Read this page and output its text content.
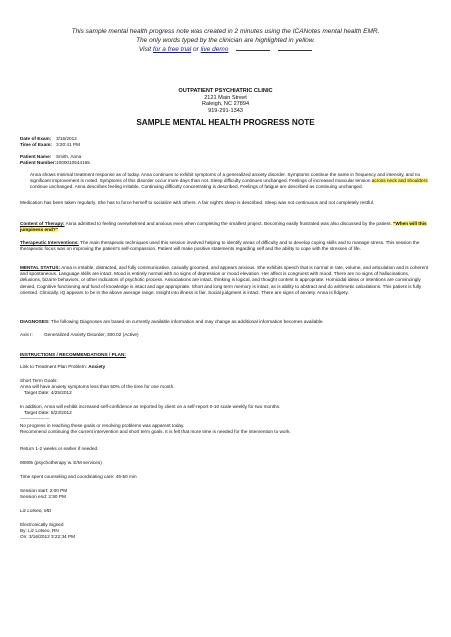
This sample mental health progress note was created in 2 minutes using the ICANotes mental health EMR.
The only words typed by the clinician are highlighted in yellow.
Visit for a free trial or live demo
OUTPATIENT PSYCHIATRIC CLINIC
2121 Main Street
Raleigh, NC 27894
919-291-1343
SAMPLE MENTAL HEALTH PROGRESS NOTE
Date of Exam: 3/16/2012
Time of Exam: 3:20:41 PM
Patient Name: Smith, Anna
Patient Number:1000010544165
Anna shows minimal treatment response as of today. Anna continues to exhibit symptoms of a generalized anxiety disorder. Symptoms continue the same in frequency and intensity, and no significant improvement is noted. Symptoms of this disorder occur more days than not. Sleep difficulty continues unchanged. Feelings of increased muscular tension across neck and shoulders continue unchanged. Anna describes feeling irritable. Continuing difficulty concentrating is described. Feelings of fatigue are described as continuing unchanged.
Medication has been taken regularly. She has to force herself to socialize with others. A fair night's sleep is described. Sleep was not continuous and not completely restful.
Content of Therapy: Anna admitted to feeling overwhelmed and anxious even when completing the smallest project. Becoming easily frustrated was also discussed by the patient. "When will this jumpiness end?"
Therapeutic Interventions: The main therapeutic techniques used this session involved helping to identify areas of difficulty and to develop coping skills and to manage stress. This session the therapeutic focus was on improving the patient's self-compassion. Patient will make positive statements regarding self and the ability to cope with the stresses of life.
MENTAL STATUS: Anna is irritable, distracted, and fully communicative, casually groomed, and appears anxious. She exhibits speech that is normal in rate, volume, and articulation and is coherent and spontaneous. Language skills are intact. Mood is entirely normal with no signs of depression or mood elevation. Her affect is congruent with mood. There are no signs of hallucinations, delusions, bizarre behaviors, or other indicators of psychotic process. Associations are intact, thinking is logical, and thought content is appropriate. Homicidal ideas or intentions are convincingly denied. Cognitive functioning and fund of knowledge is intact and age appropriate. Short and long term memory is intact, as is ability to abstract and do arithmetic calculations. This patient is fully oriented. Clinically, IQ appears to be in the above average range. Insight into illness is fair. Social judgment is intact. There are signs of anxiety. Anna is fidgety.
DIAGNOSES: The following Diagnoses are based on currently available information and may change as additional information becomes available.
Axis I: Generalized Anxiety Disorder, 300.02 (Active)
INSTRUCTIONS / RECOMMENDATIONS / PLAN:
Link to Treatment Plan Problem: Anxiety
Short Term Goals:
Anna will have anxiety symptoms less than 50% of the time for one month.
Target Date: 4/25/2012
In addition, Anna will exhibit increased self-confidence as reported by client on a self-report 0-10 scale weekly for two months.
Target Date: 5/23/2012
-------------------
No progress in reaching these goals or resolving problems was apparent today.
Recommend continuing the current intervention and short term goals. It is felt that more time is needed for the intervention to work.
Return 1-2 weeks or earlier if needed.
90805 (psychotherapy w. E/M services)
Time spent counseling and coordinating care: 45-50 min
Session start: 2:00 PM
Session end: 2:50 PM
Liz Lotseo, MD
Electronically Signed
By: Liz Lotseo, RN
On: 3/16/2012 3:22:34 PM
